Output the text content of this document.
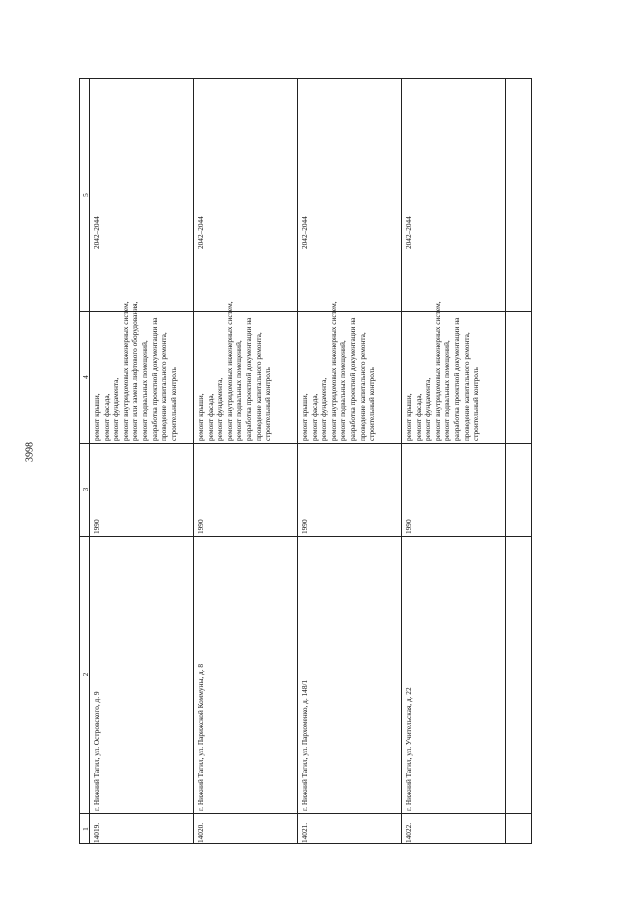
3998
1
2
3
4
5
14019.
г. Нижний Тагил, ул. Островского, д. 9
1990
ремонт крыши, ремонт фасада, ремонт фундамента, ремонт внутридомовых инженерных систем, ремонт или замена лифтового оборудования, ремонт подвальных помещений, разработка проектной документации на проведение капитального ремонта, строительный контроль
2042–2044
14020.
г. Нижний Тагил, ул. Парижской Коммуны, д. 8
1990
ремонт крыши, ремонт фасада, ремонт фундамента, ремонт внутридомовых инженерных систем, ремонт подвальных помещений, разработка проектной документации на проведение капитального ремонта, строительный контроль
2042–2044
14021.
г. Нижний Тагил, ул. Пархоменко, д. 148/1
1990
ремонт крыши, ремонт фасада, ремонт фундамента, ремонт внутридомовых инженерных систем, ремонт подвальных помещений, разработка проектной документации на проведение капитального ремонта, строительный контроль
2042–2044
14022.
г. Нижний Тагил, ул. Учительская, д. 22
1990
ремонт крыши, ремонт фасада, ремонт фундамента, ремонт внутридомовых инженерных систем, ремонт подвальных помещений, разработка проектной документации на проведение капитального ремонта, строительный контроль
2042–2044
